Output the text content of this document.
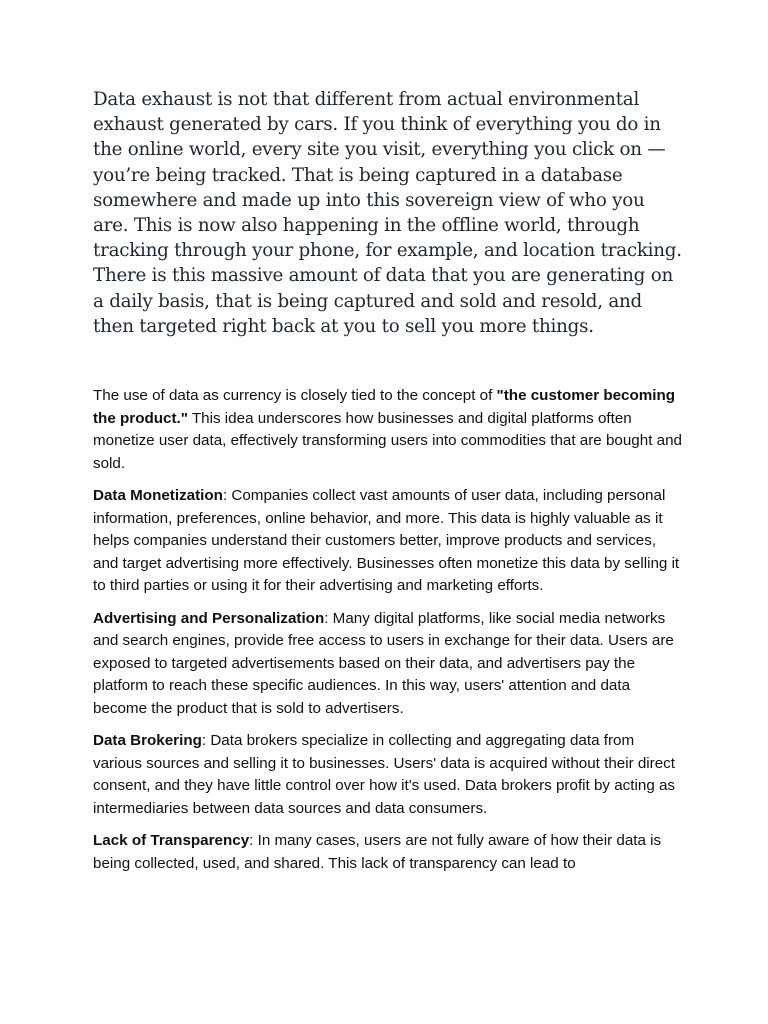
Data exhaust is not that different from actual environmental exhaust generated by cars. If you think of everything you do in the online world, every site you visit, everything you click on — you’re being tracked. That is being captured in a database somewhere and made up into this sovereign view of who you are. This is now also happening in the offline world, through tracking through your phone, for example, and location tracking. There is this massive amount of data that you are generating on a daily basis, that is being captured and sold and resold, and then targeted right back at you to sell you more things.

The use of data as currency is closely tied to the concept of "the customer becoming the product." This idea underscores how businesses and digital platforms often monetize user data, effectively transforming users into commodities that are bought and sold.

Data Monetization: Companies collect vast amounts of user data, including personal information, preferences, online behavior, and more. This data is highly valuable as it helps companies understand their customers better, improve products and services, and target advertising more effectively. Businesses often monetize this data by selling it to third parties or using it for their advertising and marketing efforts.

Advertising and Personalization: Many digital platforms, like social media networks and search engines, provide free access to users in exchange for their data. Users are exposed to targeted advertisements based on their data, and advertisers pay the platform to reach these specific audiences. In this way, users' attention and data become the product that is sold to advertisers.

Data Brokering: Data brokers specialize in collecting and aggregating data from various sources and selling it to businesses. Users' data is acquired without their direct consent, and they have little control over how it's used. Data brokers profit by acting as intermediaries between data sources and data consumers.

Lack of Transparency: In many cases, users are not fully aware of how their data is being collected, used, and shared. This lack of transparency can lead to
